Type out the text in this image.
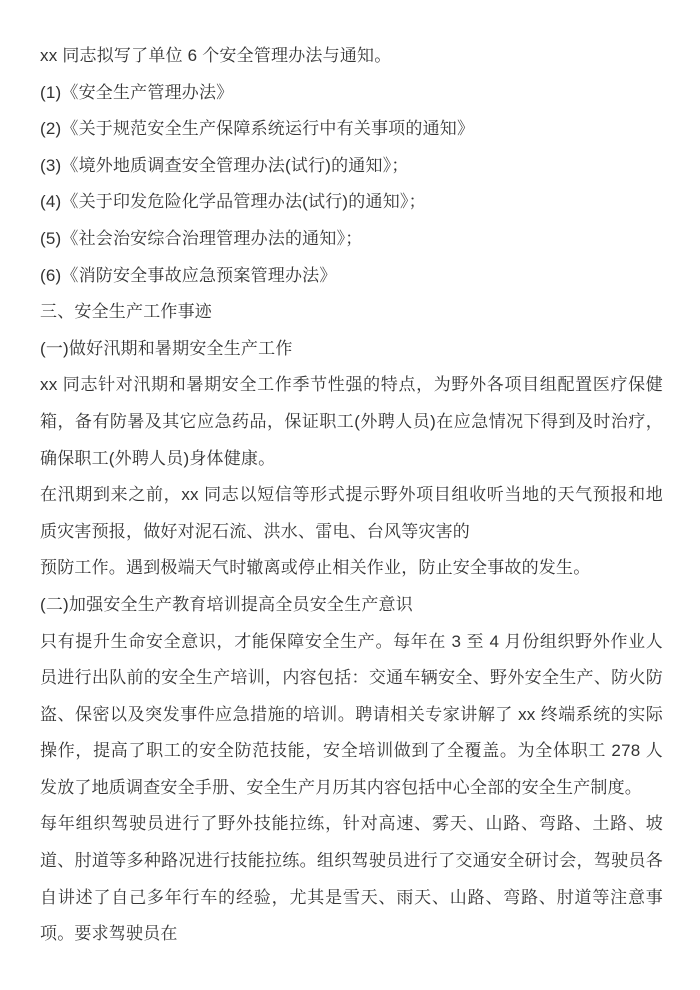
xx 同志拟写了单位 6 个安全管理办法与通知。

(1)《安全生产管理办法》

(2)《关于规范安全生产保障系统运行中有关事项的通知》

(3)《境外地质调查安全管理办法(试行)的通知》；

(4)《关于印发危险化学品管理办法(试行)的通知》；

(5)《社会治安综合治理管理办法的通知》；

(6)《消防安全事故应急预案管理办法》

三、安全生产工作事迹

(一)做好汛期和暑期安全生产工作

xx 同志针对汛期和暑期安全工作季节性强的特点，为野外各项目组配置医疗保健箱，备有防暑及其它应急药品，保证职工(外聘人员)在应急情况下得到及时治疗，确保职工(外聘人员)身体健康。

在汛期到来之前，xx 同志以短信等形式提示野外项目组收听当地的天气预报和地质灾害预报，做好对泥石流、洪水、雷电、台风等灾害的

预防工作。遇到极端天气时辙离或停止相关作业，防止安全事故的发生。

(二)加强安全生产教育培训提高全员安全生产意识

只有提升生命安全意识，才能保障安全生产。每年在 3 至 4 月份组织野外作业人员进行出队前的安全生产培训，内容包括：交通车辆安全、野外安全生产、防火防盗、保密以及突发事件应急措施的培训。聘请相关专家讲解了 xx 终端系统的实际操作，提高了职工的安全防范技能，安全培训做到了全覆盖。为全体职工 278 人发放了地质调查安全手册、安全生产月历其内容包括中心全部的安全生产制度。

每年组织驾驶员进行了野外技能拉练，针对高速、雾天、山路、弯路、土路、坡道、肘道等多种路况进行技能拉练。组织驾驶员进行了交通安全研讨会，驾驶员各自讲述了自己多年行车的经验，尤其是雪天、雨天、山路、弯路、肘道等注意事项。要求驾驶员在
